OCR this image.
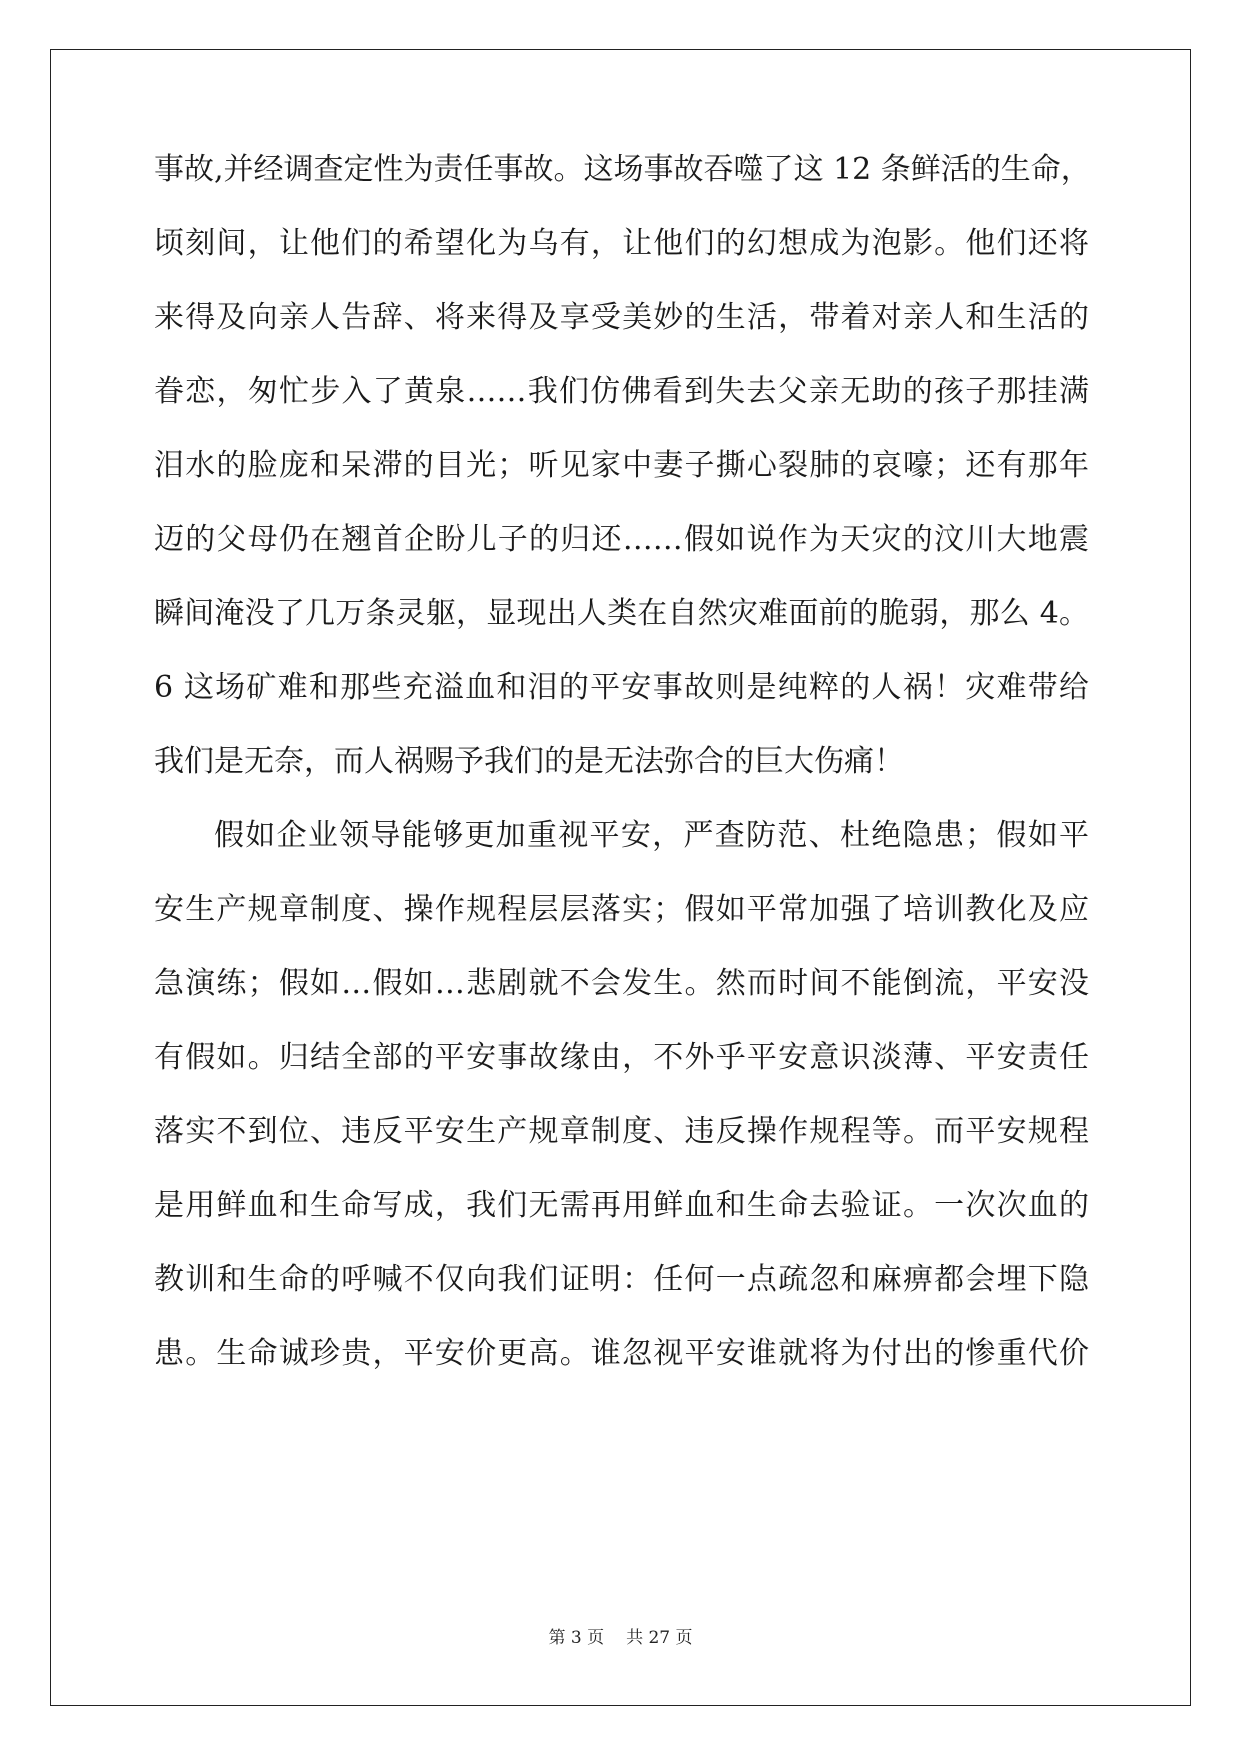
事故,并经调查定性为责任事故。这场事故吞噬了这 12 条鲜活的生命，
顷刻间，让他们的希望化为乌有，让他们的幻想成为泡影。他们还将
来得及向亲人告辞、将来得及享受美妙的生活，带着对亲人和生活的
眷恋，匆忙步入了黄泉……我们仿佛看到失去父亲无助的孩子那挂满
泪水的脸庞和呆滞的目光；听见家中妻子撕心裂肺的哀嚎；还有那年
迈的父母仍在翘首企盼儿子的归还……假如说作为天灾的汶川大地震
瞬间淹没了几万条灵躯，显现出人类在自然灾难面前的脆弱，那么 4。
6 这场矿难和那些充溢血和泪的平安事故则是纯粹的人祸！灾难带给
我们是无奈，而人祸赐予我们的是无法弥合的巨大伤痛！
假如企业领导能够更加重视平安，严查防范、杜绝隐患；假如平
安生产规章制度、操作规程层层落实；假如平常加强了培训教化及应
急演练；假如…假如…悲剧就不会发生。然而时间不能倒流，平安没
有假如。归结全部的平安事故缘由，不外乎平安意识淡薄、平安责任
落实不到位、违反平安生产规章制度、违反操作规程等。而平安规程
是用鲜血和生命写成，我们无需再用鲜血和生命去验证。一次次血的
教训和生命的呼喊不仅向我们证明：任何一点疏忽和麻痹都会埋下隐
患。生命诚珍贵，平安价更高。谁忽视平安谁就将为付出的惨重代价
第 3 页 共 27 页
